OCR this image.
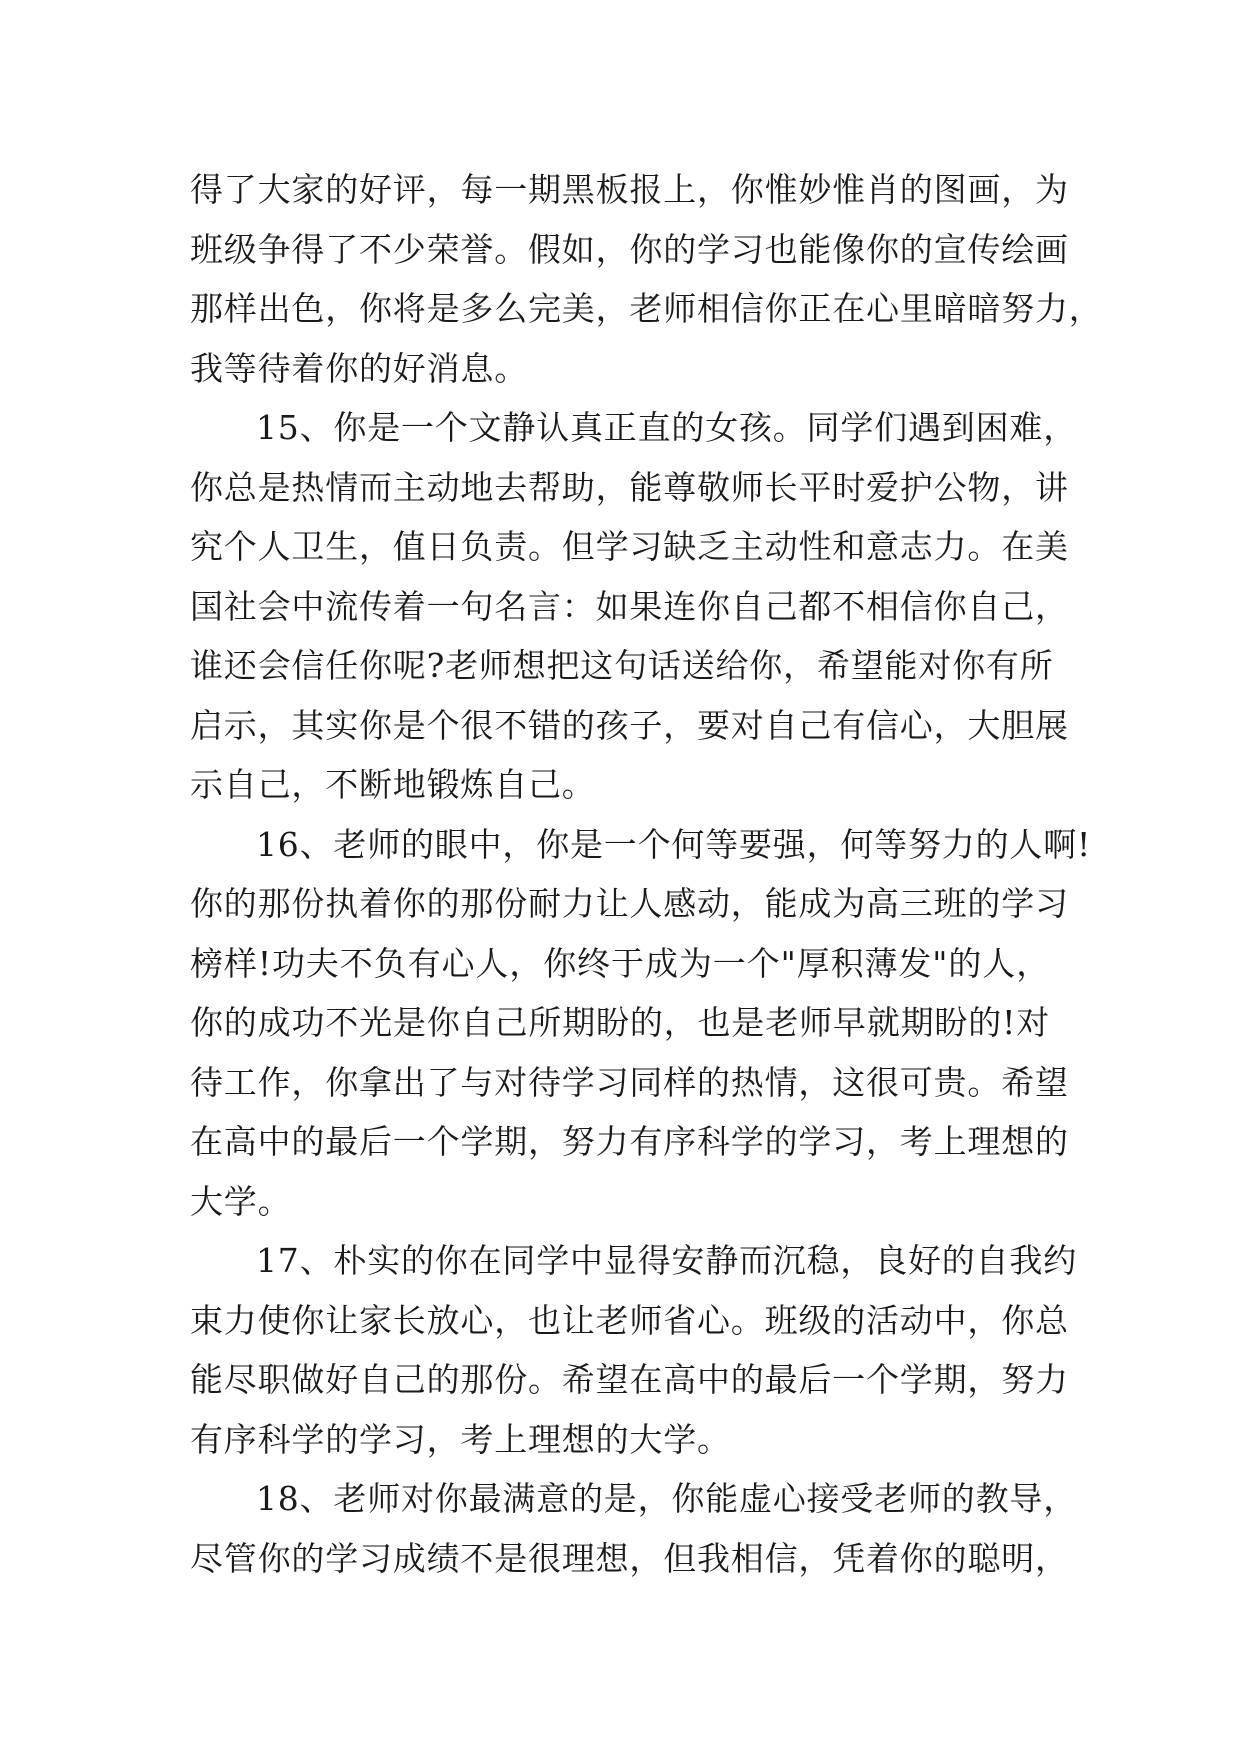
得了大家的好评，每一期黑板报上，你惟妙惟肖的图画，为
班级争得了不少荣誉。假如，你的学习也能像你的宣传绘画
那样出色，你将是多么完美，老师相信你正在心里暗暗努力，
我等待着你的好消息。
15、你是一个文静认真正直的女孩。同学们遇到困难，
你总是热情而主动地去帮助，能尊敬师长平时爱护公物，讲
究个人卫生，值日负责。但学习缺乏主动性和意志力。在美
国社会中流传着一句名言：如果连你自己都不相信你自己，
谁还会信任你呢?老师想把这句话送给你，希望能对你有所
启示，其实你是个很不错的孩子，要对自己有信心，大胆展
示自己，不断地锻炼自己。
16、老师的眼中，你是一个何等要强，何等努力的人啊!
你的那份执着你的那份耐力让人感动，能成为高三班的学习
榜样!功夫不负有心人，你终于成为一个"厚积薄发"的人，
你的成功不光是你自己所期盼的，也是老师早就期盼的!对
待工作，你拿出了与对待学习同样的热情，这很可贵。希望
在高中的最后一个学期，努力有序科学的学习，考上理想的
大学。
17、朴实的你在同学中显得安静而沉稳，良好的自我约
束力使你让家长放心，也让老师省心。班级的活动中，你总
能尽职做好自己的那份。希望在高中的最后一个学期，努力
有序科学的学习，考上理想的大学。
18、老师对你最满意的是，你能虚心接受老师的教导，
尽管你的学习成绩不是很理想，但我相信，凭着你的聪明，
